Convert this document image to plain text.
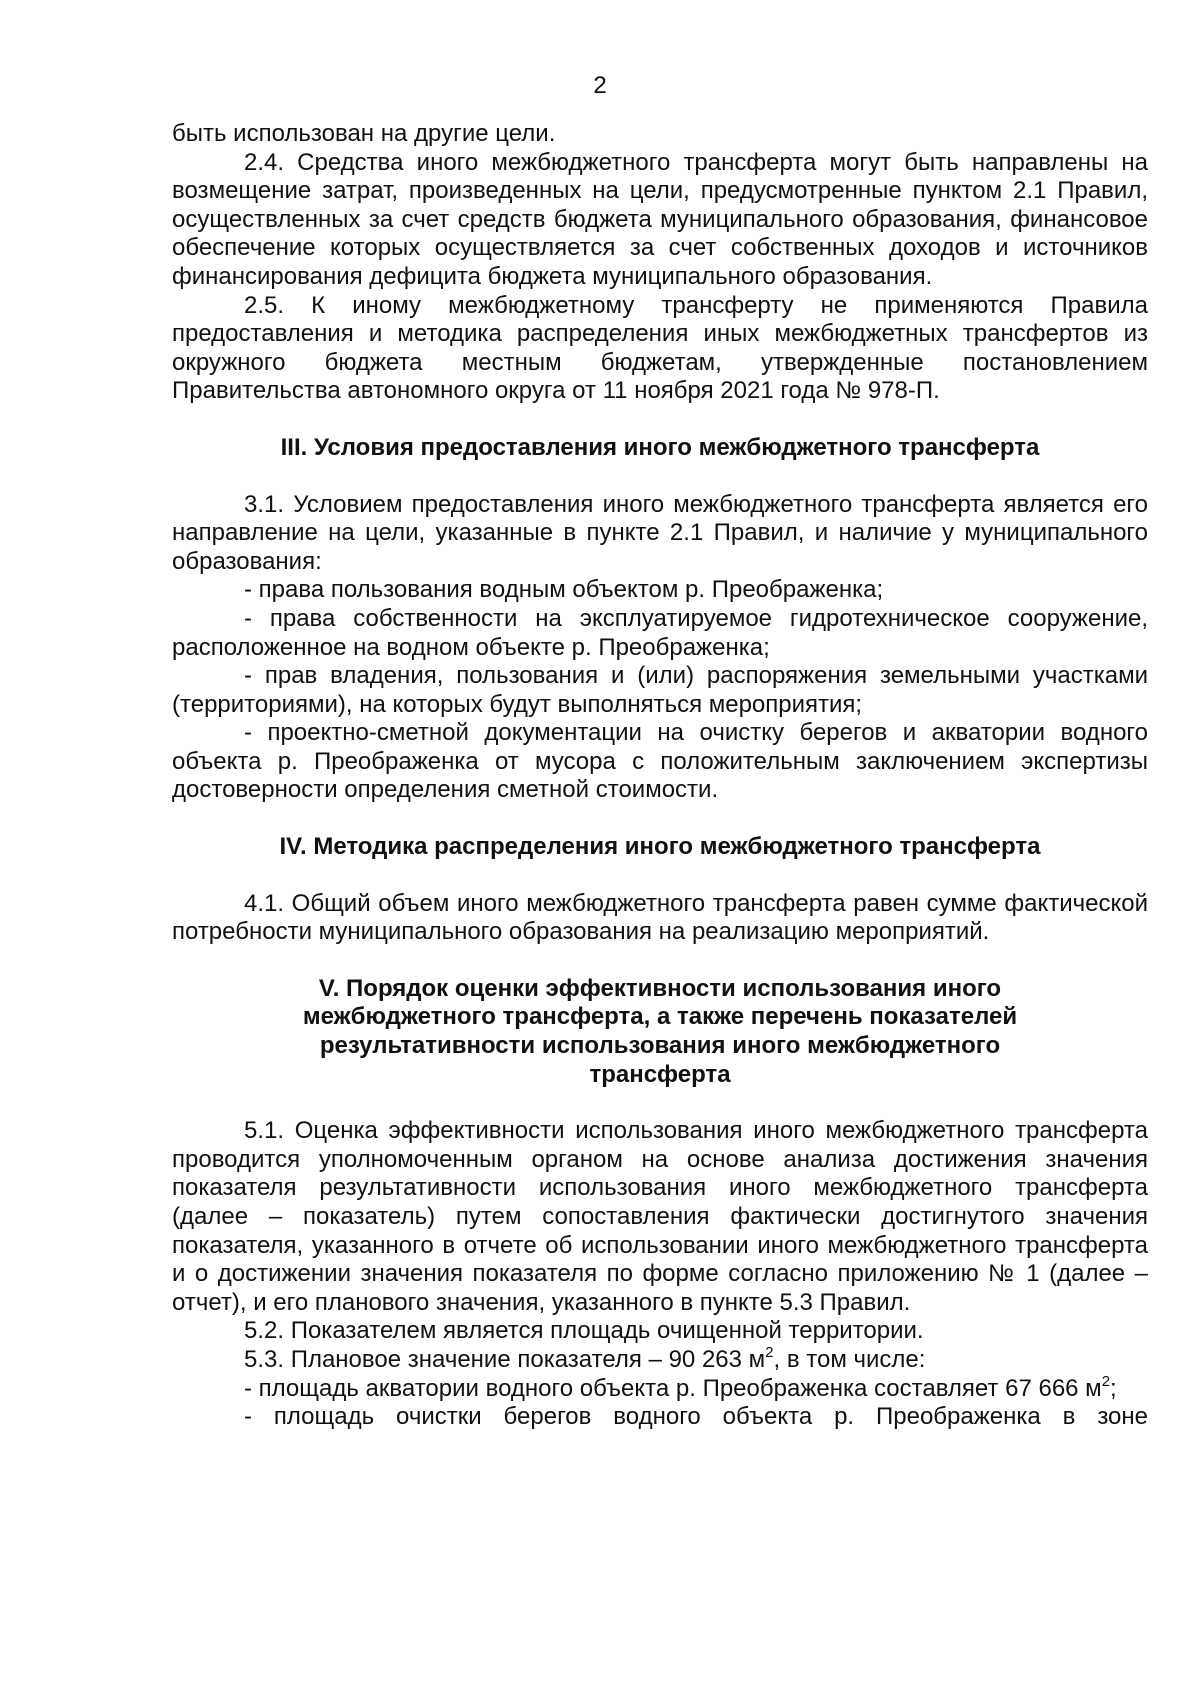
2

быть использован на другие цели.

2.4. Средства иного межбюджетного трансферта могут быть направлены на возмещение затрат, произведенных на цели, предусмотренные пунктом 2.1 Правил, осуществленных за счет средств бюджета муниципального образования, финансовое обеспечение которых осуществляется за счет собственных доходов и источников финансирования дефицита бюджета муниципального образования.

2.5. К иному межбюджетному трансферту не применяются Правила предоставления и методика распределения иных межбюджетных трансфертов из окружного бюджета местным бюджетам, утвержденные постановлением Правительства автономного округа от 11 ноября 2021 года № 978-П.

III. Условия предоставления иного межбюджетного трансферта

3.1. Условием предоставления иного межбюджетного трансферта является его направление на цели, указанные в пункте 2.1 Правил, и наличие у муниципального образования:

- права пользования водным объектом р. Преображенка;

- права собственности на эксплуатируемое гидротехническое сооружение, расположенное на водном объекте р. Преображенка;

- прав владения, пользования и (или) распоряжения земельными участками (территориями), на которых будут выполняться мероприятия;

- проектно-сметной документации на очистку берегов и акватории водного объекта р. Преображенка от мусора с положительным заключением экспертизы достоверности определения сметной стоимости.

IV. Методика распределения иного межбюджетного трансферта

4.1. Общий объем иного межбюджетного трансферта равен сумме фактической потребности муниципального образования на реализацию мероприятий.

V. Порядок оценки эффективности использования иного

межбюджетного трансферта, а также перечень показателей

результативности использования иного межбюджетного

трансферта

5.1. Оценка эффективности использования иного межбюджетного трансферта проводится уполномоченным органом на основе анализа достижения значения показателя результативности использования иного межбюджетного трансферта (далее – показатель) путем сопоставления фактически достигнутого значения показателя, указанного в отчете об использовании иного межбюджетного трансферта и о достижении значения показателя по форме согласно приложению № 1 (далее – отчет), и его планового значения, указанного в пункте 5.3 Правил.

5.2. Показателем является площадь очищенной территории.

5.3. Плановое значение показателя – 90 263 $м^2$, в том числе:

- площадь акватории водного объекта р. Преображенка составляет 67 666 $м^2$;

- площадь очистки берегов водного объекта р. Преображенка в зоне
